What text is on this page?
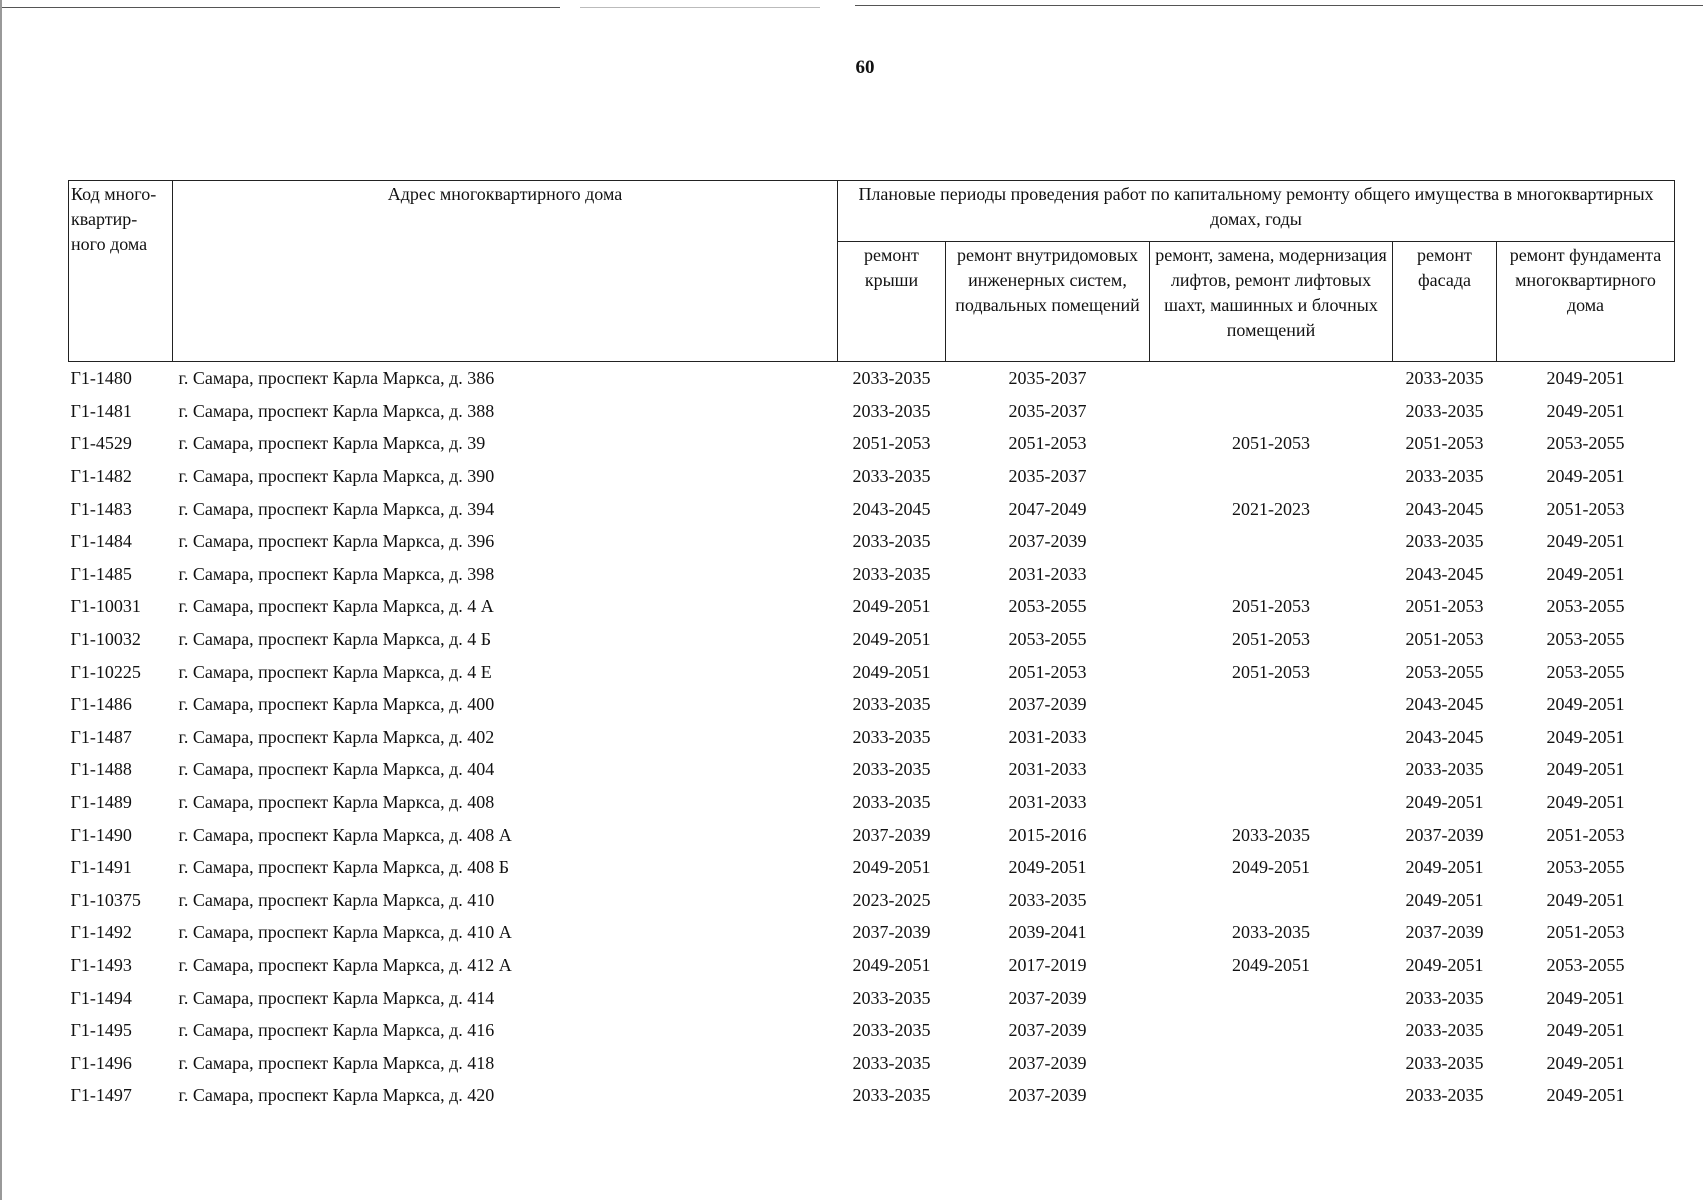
60
Код много-квартир-ного дома	Адрес многоквартирного дома	Плановые периоды проведения работ по капитальному ремонту общего имущества в многоквартирных домах, годы				
		ремонт крыши	ремонт внутридомовых инженерных систем, подвальных помещений	ремонт, замена, модернизация лифтов, ремонт лифтовых шахт, машинных и блочных помещений	ремонт фасада	ремонт фундамента многоквартирного дома
Г1-1480	г. Самара, проспект Карла Маркса, д. 386	2033-2035	2035-2037		2033-2035	2049-2051
Г1-1481	г. Самара, проспект Карла Маркса, д. 388	2033-2035	2035-2037		2033-2035	2049-2051
Г1-4529	г. Самара, проспект Карла Маркса, д. 39	2051-2053	2051-2053	2051-2053	2051-2053	2053-2055
Г1-1482	г. Самара, проспект Карла Маркса, д. 390	2033-2035	2035-2037		2033-2035	2049-2051
Г1-1483	г. Самара, проспект Карла Маркса, д. 394	2043-2045	2047-2049	2021-2023	2043-2045	2051-2053
Г1-1484	г. Самара, проспект Карла Маркса, д. 396	2033-2035	2037-2039		2033-2035	2049-2051
Г1-1485	г. Самара, проспект Карла Маркса, д. 398	2033-2035	2031-2033		2043-2045	2049-2051
Г1-10031	г. Самара, проспект Карла Маркса, д. 4 А	2049-2051	2053-2055	2051-2053	2051-2053	2053-2055
Г1-10032	г. Самара, проспект Карла Маркса, д. 4 Б	2049-2051	2053-2055	2051-2053	2051-2053	2053-2055
Г1-10225	г. Самара, проспект Карла Маркса, д. 4 Е	2049-2051	2051-2053	2051-2053	2053-2055	2053-2055
Г1-1486	г. Самара, проспект Карла Маркса, д. 400	2033-2035	2037-2039		2043-2045	2049-2051
Г1-1487	г. Самара, проспект Карла Маркса, д. 402	2033-2035	2031-2033		2043-2045	2049-2051
Г1-1488	г. Самара, проспект Карла Маркса, д. 404	2033-2035	2031-2033		2033-2035	2049-2051
Г1-1489	г. Самара, проспект Карла Маркса, д. 408	2033-2035	2031-2033		2049-2051	2049-2051
Г1-1490	г. Самара, проспект Карла Маркса, д. 408 А	2037-2039	2015-2016	2033-2035	2037-2039	2051-2053
Г1-1491	г. Самара, проспект Карла Маркса, д. 408 Б	2049-2051	2049-2051	2049-2051	2049-2051	2053-2055
Г1-10375	г. Самара, проспект Карла Маркса, д. 410	2023-2025	2033-2035		2049-2051	2049-2051
Г1-1492	г. Самара, проспект Карла Маркса, д. 410 А	2037-2039	2039-2041	2033-2035	2037-2039	2051-2053
Г1-1493	г. Самара, проспект Карла Маркса, д. 412 А	2049-2051	2017-2019	2049-2051	2049-2051	2053-2055
Г1-1494	г. Самара, проспект Карла Маркса, д. 414	2033-2035	2037-2039		2033-2035	2049-2051
Г1-1495	г. Самара, проспект Карла Маркса, д. 416	2033-2035	2037-2039		2033-2035	2049-2051
Г1-1496	г. Самара, проспект Карла Маркса, д. 418	2033-2035	2037-2039		2033-2035	2049-2051
Г1-1497	г. Самара, проспект Карла Маркса, д. 420	2033-2035	2037-2039		2033-2035	2049-2051
